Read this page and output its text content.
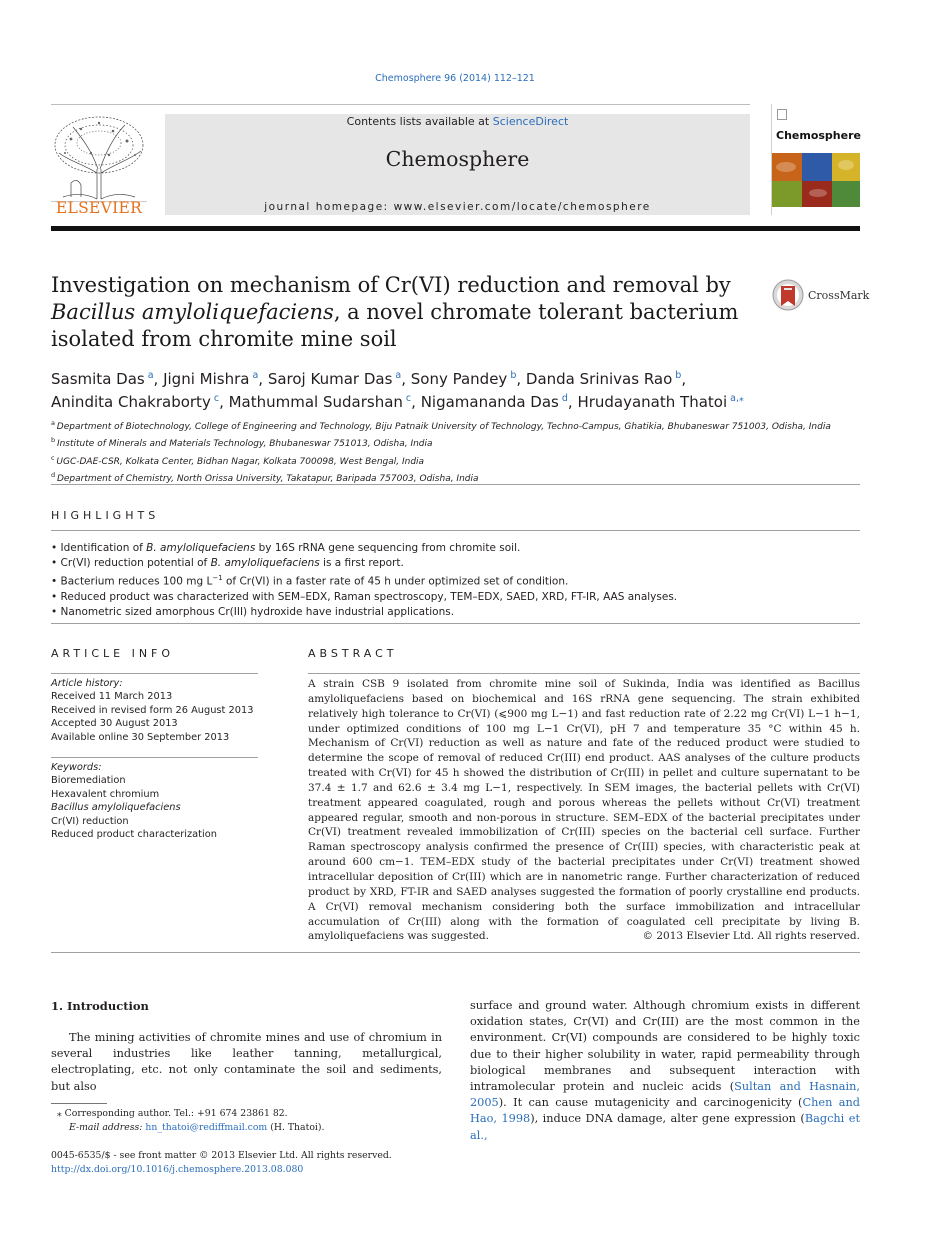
Chemosphere 96 (2014) 112–121
ELSEVIER
Contents lists available at ScienceDirect
Chemosphere
journal homepage: www.elsevier.com/locate/chemosphere
Chemosphere
Investigation on mechanism of Cr(VI) reduction and removal by Bacillus amyloliquefaciens, a novel chromate tolerant bacterium isolated from chromite mine soil
CrossMark
Sasmita Das  $^a$, Jigni Mishra  $^a$, Saroj Kumar Das  $^a$, Sony Pandey  $^b$, Danda Srinivas Rao  $^b$,
Anindita Chakraborty  $^c$, Mathummal Sudarshan  $^c$, Nigamananda Das  $^d$, Hrudayanath Thatoi  $^{a,⁎}$
$^a$  Department of Biotechnology, College of Engineering and Technology, Biju Patnaik University of Technology, Techno-Campus, Ghatikia, Bhubaneswar 751003, Odisha, India
$^b$  Institute of Minerals and Materials Technology, Bhubaneswar 751013, Odisha, India
$^c$  UGC-DAE-CSR, Kolkata Center, Bidhan Nagar, Kolkata 700098, West Bengal, India
$^d$  Department of Chemistry, North Orissa University, Takatapur, Baripada 757003, Odisha, India
HIGHLIGHTS
• Identification of B. amyloliquefaciens by 16S rRNA gene sequencing from chromite soil.
• Cr(VI) reduction potential of B. amyloliquefaciens is a first report.
• Bacterium reduces 100 mg $L^{-1}$ of Cr(VI) in a faster rate of 45 h under optimized set of condition.
• Reduced product was characterized with SEM–EDX, Raman spectroscopy, TEM–EDX, SAED, XRD, FT-IR, AAS analyses.
• Nanometric sized amorphous Cr(III) hydroxide have industrial applications.
ARTICLE INFO	ABSTRACT
Article history:
Received 11 March 2013
Received in revised form 26 August 2013
Accepted 30 August 2013
Available online 30 September 2013
Keywords:
Bioremediation
Hexavalent chromium
Bacillus amyloliquefaciens
Cr(VI) reduction
Reduced product characterization
A strain CSB 9 isolated from chromite mine soil of Sukinda, India was identified as Bacillus amyloliquefaciens based on biochemical and 16S rRNA gene sequencing. The strain exhibited relatively high tolerance to Cr(VI) (⩽900 mg L−1) and fast reduction rate of 2.22 mg Cr(VI) L−1 h−1, under optimized conditions of 100 mg L−1 Cr(VI), pH 7 and temperature 35 °C within 45 h. Mechanism of Cr(VI) reduction as well as nature and fate of the reduced product were studied to determine the scope of removal of reduced Cr(III) end product. AAS analyses of the culture products treated with Cr(VI) for 45 h showed the distribution of Cr(III) in pellet and culture supernatant to be 37.4 ± 1.7 and 62.6 ± 3.4 mg L−1, respectively. In SEM images, the bacterial pellets with Cr(VI) treatment appeared coagulated, rough and porous whereas the pellets without Cr(VI) treatment appeared regular, smooth and non-porous in structure. SEM–EDX of the bacterial precipitates under Cr(VI) treatment revealed immobilization of Cr(III) species on the bacterial cell surface. Further Raman spectroscopy analysis confirmed the presence of Cr(III) species, with characteristic peak at around 600 cm−1. TEM–EDX study of the bacterial precipitates under Cr(VI) treatment showed intracellular deposition of Cr(III) which are in nanometric range. Further characterization of reduced product by XRD, FT-IR and SAED analyses suggested the formation of poorly crystalline end products. A Cr(VI) removal mechanism considering both the surface immobilization and intracellular accumulation of Cr(III) along with the formation of coagulated cell precipitate by living B. amyloliquefaciens was suggested.	© 2013 Elsevier Ltd. All rights reserved.
1. Introduction
The mining activities of chromite mines and use of chromium in several industries like leather tanning, metallurgical, electroplating, etc. not only contaminate the soil and sediments, but also
surface and ground water. Although chromium exists in different oxidation states, Cr(VI) and Cr(III) are the most common in the environment. Cr(VI) compounds are considered to be highly toxic due to their higher solubility in water, rapid permeability through biological membranes and subsequent interaction with intramolecular protein and nucleic acids (Sultan and Hasnain, 2005). It can cause mutagenicity and carcinogenicity (Chen and Hao, 1998), induce DNA damage, alter gene expression (Bagchi et al.,
⁎ Corresponding author. Tel.: +91 674 23861 82.
E-mail address: hn_thatoi@rediffmail.com (H. Thatoi).
0045-6535/$ - see front matter © 2013 Elsevier Ltd. All rights reserved.
http://dx.doi.org/10.1016/j.chemosphere.2013.08.080
